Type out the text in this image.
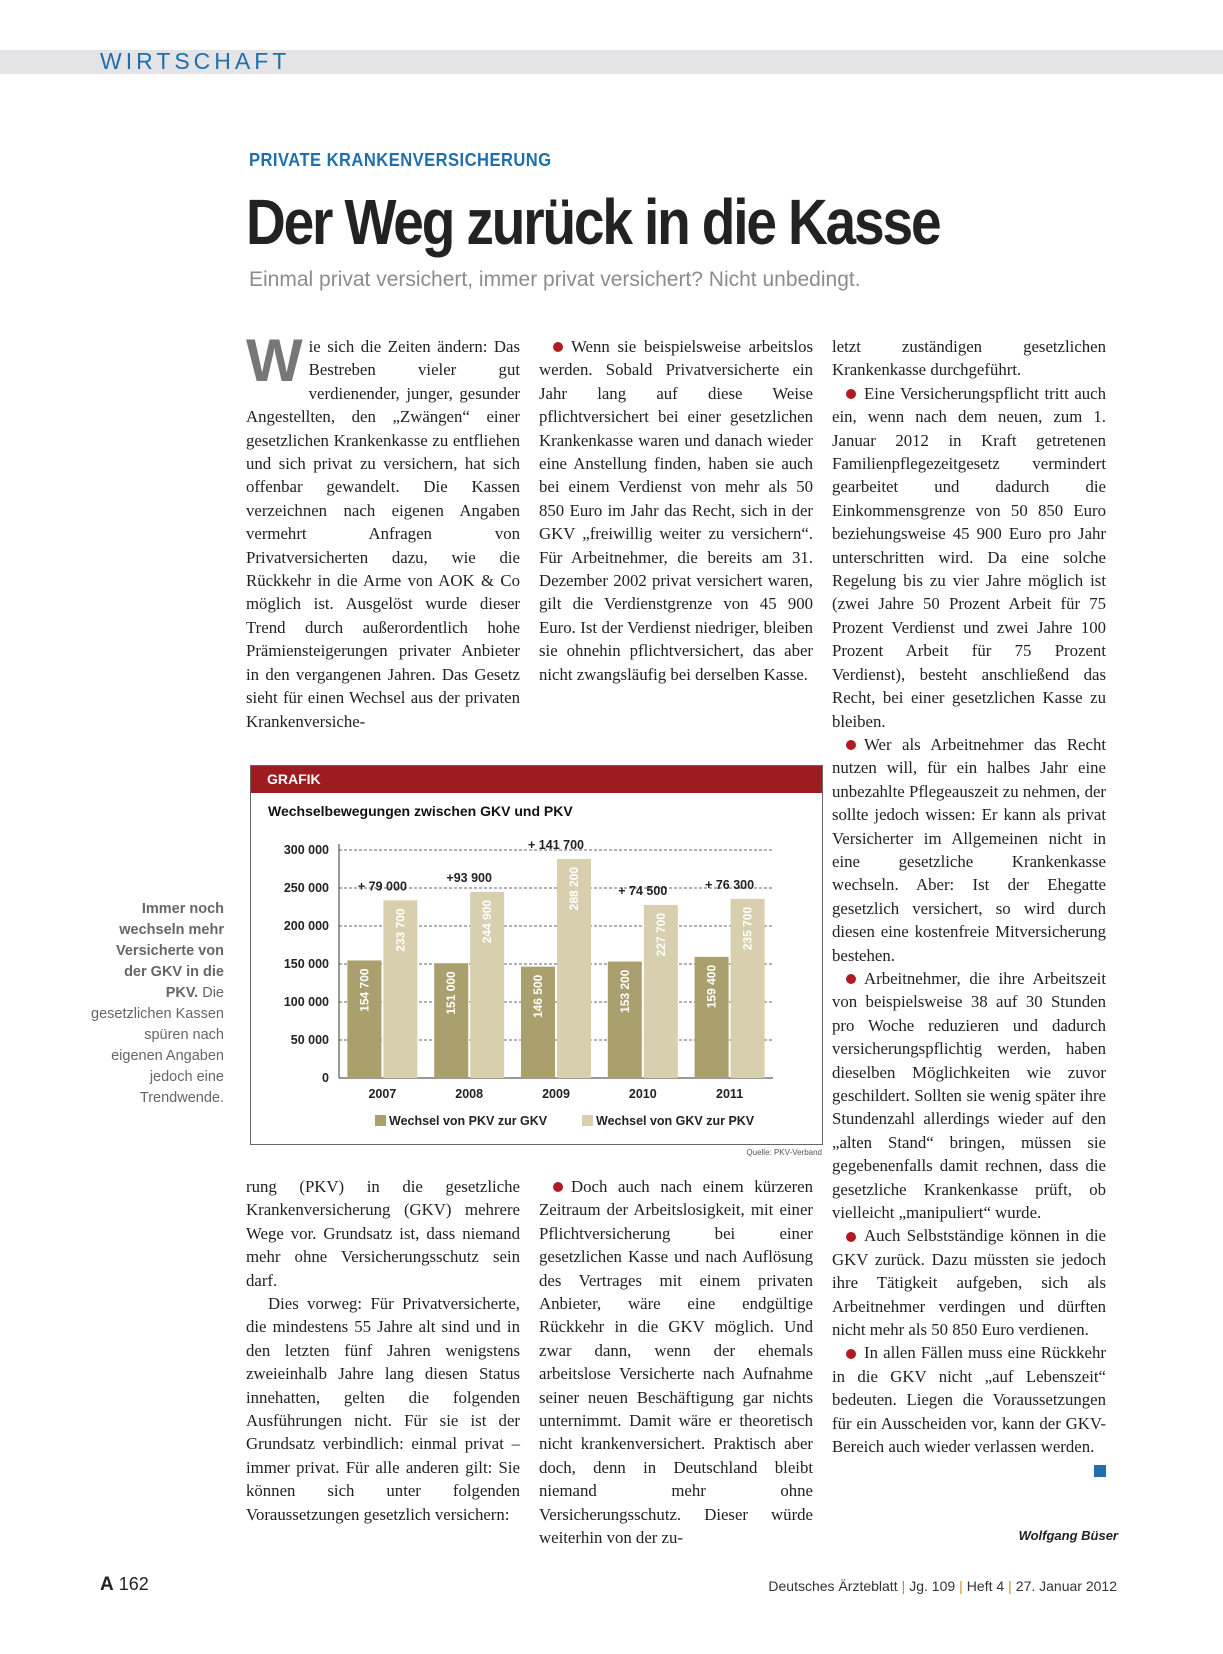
WIRTSCHAFT
PRIVATE KRANKENVERSICHERUNG
Der Weg zurück in die Kasse
Einmal privat versichert, immer privat versichert? Nicht unbedingt.

Wie sich die Zeiten ändern: Das Bestreben vieler gut verdienender, junger, gesunder Angestellten, den „Zwängen“ einer gesetzlichen Krankenkasse zu entfliehen und sich privat zu versichern, hat sich offenbar gewandelt. Die Kassen verzeichnen nach eigenen Angaben vermehrt Anfragen von Privatversicherten dazu, wie die Rückkehr in die Arme von AOK & Co möglich ist. Ausgelöst wurde dieser Trend durch außerordentlich hohe Prämiensteigerungen privater Anbieter in den vergangenen Jahren. Das Gesetz sieht für einen Wechsel aus der privaten Krankenversiche-

Wenn sie beispielsweise arbeitslos werden. Sobald Privatversicherte ein Jahr lang auf diese Weise pflichtversichert bei einer gesetzlichen Krankenkasse waren und danach wieder eine Anstellung finden, haben sie auch bei einem Verdienst von mehr als 50 850 Euro im Jahr das Recht, sich in der GKV „freiwillig weiter zu versichern“. Für Arbeitnehmer, die bereits am 31. Dezember 2002 privat versichert waren, gilt die Verdienstgrenze von 45 900 Euro. Ist der Verdienst niedriger, bleiben sie ohnehin pflichtversichert, das aber nicht zwangsläufig bei derselben Kasse.

letzt zuständigen gesetzlichen Krankenkasse durchgeführt.

Eine Versicherungspflicht tritt auch ein, wenn nach dem neuen, zum 1. Januar 2012 in Kraft getretenen Familienpflegezeitgesetz vermindert gearbeitet und dadurch die Einkommensgrenze von 50 850 Euro beziehungsweise 45 900 Euro pro Jahr unterschritten wird. Da eine solche Regelung bis zu vier Jahre möglich ist (zwei Jahre 50 Prozent Arbeit für 75 Prozent Verdienst und zwei Jahre 100 Prozent Arbeit für 75 Prozent Verdienst), besteht anschließend das Recht, bei einer gesetzlichen Kasse zu bleiben.

Wer als Arbeitnehmer das Recht nutzen will, für ein halbes Jahr eine unbezahlte Pflegeauszeit zu nehmen, der sollte jedoch wissen: Er kann als privat Versicherter im Allgemeinen nicht in eine gesetzliche Krankenkasse wechseln. Aber: Ist der Ehegatte gesetzlich versichert, so wird durch diesen eine kostenfreie Mitversicherung bestehen.

Arbeitnehmer, die ihre Arbeitszeit von beispielsweise 38 auf 30 Stunden pro Woche reduzieren und dadurch versicherungspflichtig werden, haben dieselben Möglichkeiten wie zuvor geschildert. Sollten sie wenig später ihre Stundenzahl allerdings wieder auf den „alten Stand“ bringen, müssen sie gegebenenfalls damit rechnen, dass die gesetzliche Krankenkasse prüft, ob vielleicht „manipuliert“ wurde.

Auch Selbstständige können in die GKV zurück. Dazu müssten sie jedoch ihre Tätigkeit aufgeben, sich als Arbeitnehmer verdingen und dürften nicht mehr als 50 850 Euro verdienen.

In allen Fällen muss eine Rückkehr in die GKV nicht „auf Lebenszeit“ bedeuten. Liegen die Voraussetzungen für ein Ausscheiden vor, kann der GKV-Bereich auch wieder verlassen werden.

Immer noch wechseln mehr Versicherte von der GKV in die PKV. Die gesetzlichen Kassen spüren nach eigenen Angaben jedoch eine Trendwende.
GRAFIK
Wechselbewegungen zwischen GKV und PKV
0
50 000
100 000
150 000
200 000
250 000
300 000
154 700
233 700
2007
+ 79 000
151 000
244 900
2008
+93 900
146 500
288 200
2009
+ 141 700
153 200
227 700
2010
+ 74 500
159 400
235 700
2011
+ 76 300
Wechsel von PKV zur GKV	Wechsel von GKV zur PKV
Quelle: PKV-Verband

rung (PKV) in die gesetzliche Krankenversicherung (GKV) mehrere Wege vor. Grundsatz ist, dass niemand mehr ohne Versicherungsschutz sein darf.

Dies vorweg: Für Privatversicherte, die mindestens 55 Jahre alt sind und in den letzten fünf Jahren wenigstens zweieinhalb Jahre lang diesen Status innehatten, gelten die folgenden Ausführungen nicht. Für sie ist der Grundsatz verbindlich: einmal privat – immer privat. Für alle anderen gilt: Sie können sich unter folgenden Voraussetzungen gesetzlich versichern:

Doch auch nach einem kürzeren Zeitraum der Arbeitslosigkeit, mit einer Pflichtversicherung bei einer gesetzlichen Kasse und nach Auflösung des Vertrages mit einem privaten Anbieter, wäre eine endgültige Rückkehr in die GKV möglich. Und zwar dann, wenn der ehemals arbeitslose Versicherte nach Aufnahme seiner neuen Beschäftigung gar nichts unternimmt. Damit wäre er theoretisch nicht krankenversichert. Praktisch aber doch, denn in Deutschland bleibt niemand mehr ohne Versicherungsschutz. Dieser würde weiterhin von der zu-	Wolfgang Büser
A 162	Deutsches Ärzteblatt | Jg. 109 | Heft 4 | 27. Januar 2012
